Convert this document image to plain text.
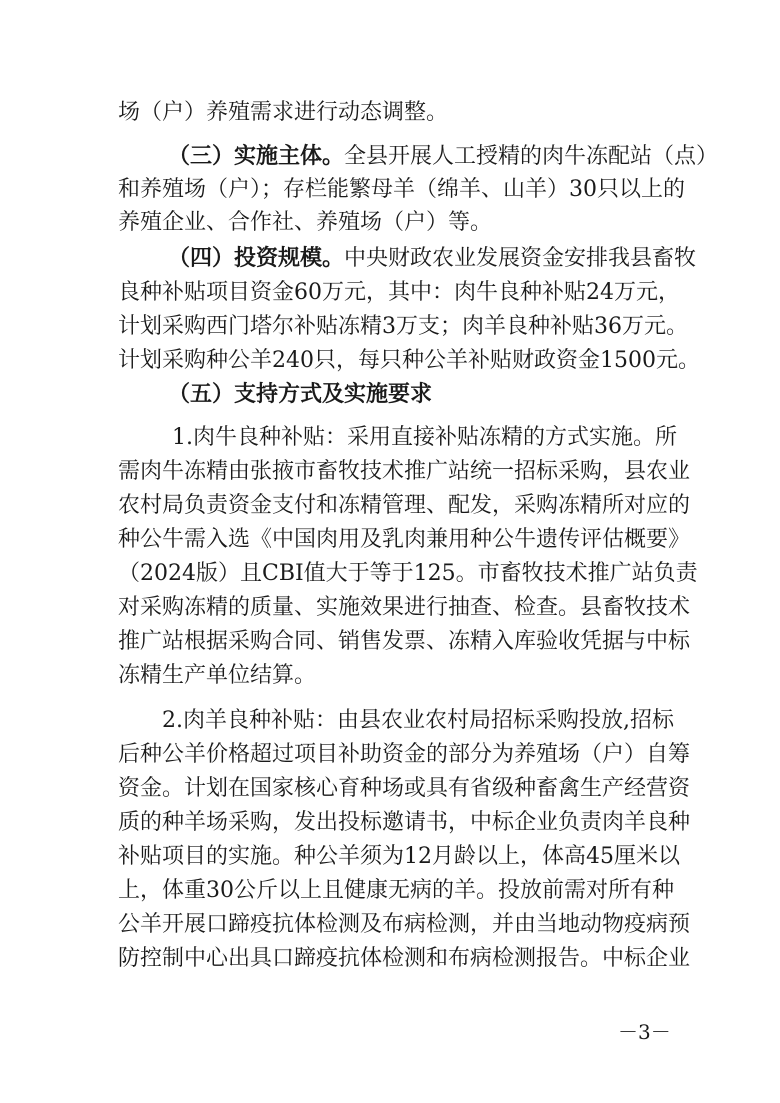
场（户）养殖需求进行动态调整。
（三）实施主体。全县开展人工授精的肉牛冻配站（点）
和养殖场（户）；存栏能繁母羊（绵羊、山羊）30只以上的
养殖企业、合作社、养殖场（户）等。
（四）投资规模。中央财政农业发展资金安排我县畜牧
良种补贴项目资金60万元，其中：肉牛良种补贴24万元，
计划采购西门塔尔补贴冻精3万支；肉羊良种补贴36万元。
计划采购种公羊240只，每只种公羊补贴财政资金1500元。
（五）支持方式及实施要求
1.肉牛良种补贴：采用直接补贴冻精的方式实施。所
需肉牛冻精由张掖市畜牧技术推广站统一招标采购，县农业
农村局负责资金支付和冻精管理、配发，采购冻精所对应的
种公牛需入选《中国肉用及乳肉兼用种公牛遗传评估概要》
（2024版）且CBI值大于等于125。市畜牧技术推广站负责
对采购冻精的质量、实施效果进行抽查、检查。县畜牧技术
推广站根据采购合同、销售发票、冻精入库验收凭据与中标
冻精生产单位结算。
2.肉羊良种补贴：由县农业农村局招标采购投放,招标
后种公羊价格超过项目补助资金的部分为养殖场（户）自筹
资金。计划在国家核心育种场或具有省级种畜禽生产经营资
质的种羊场采购，发出投标邀请书，中标企业负责肉羊良种
补贴项目的实施。种公羊须为12月龄以上，体高45厘米以
上，体重30公斤以上且健康无病的羊。投放前需对所有种
公羊开展口蹄疫抗体检测及布病检测，并由当地动物疫病预
防控制中心出具口蹄疫抗体检测和布病检测报告。中标企业
－3－
